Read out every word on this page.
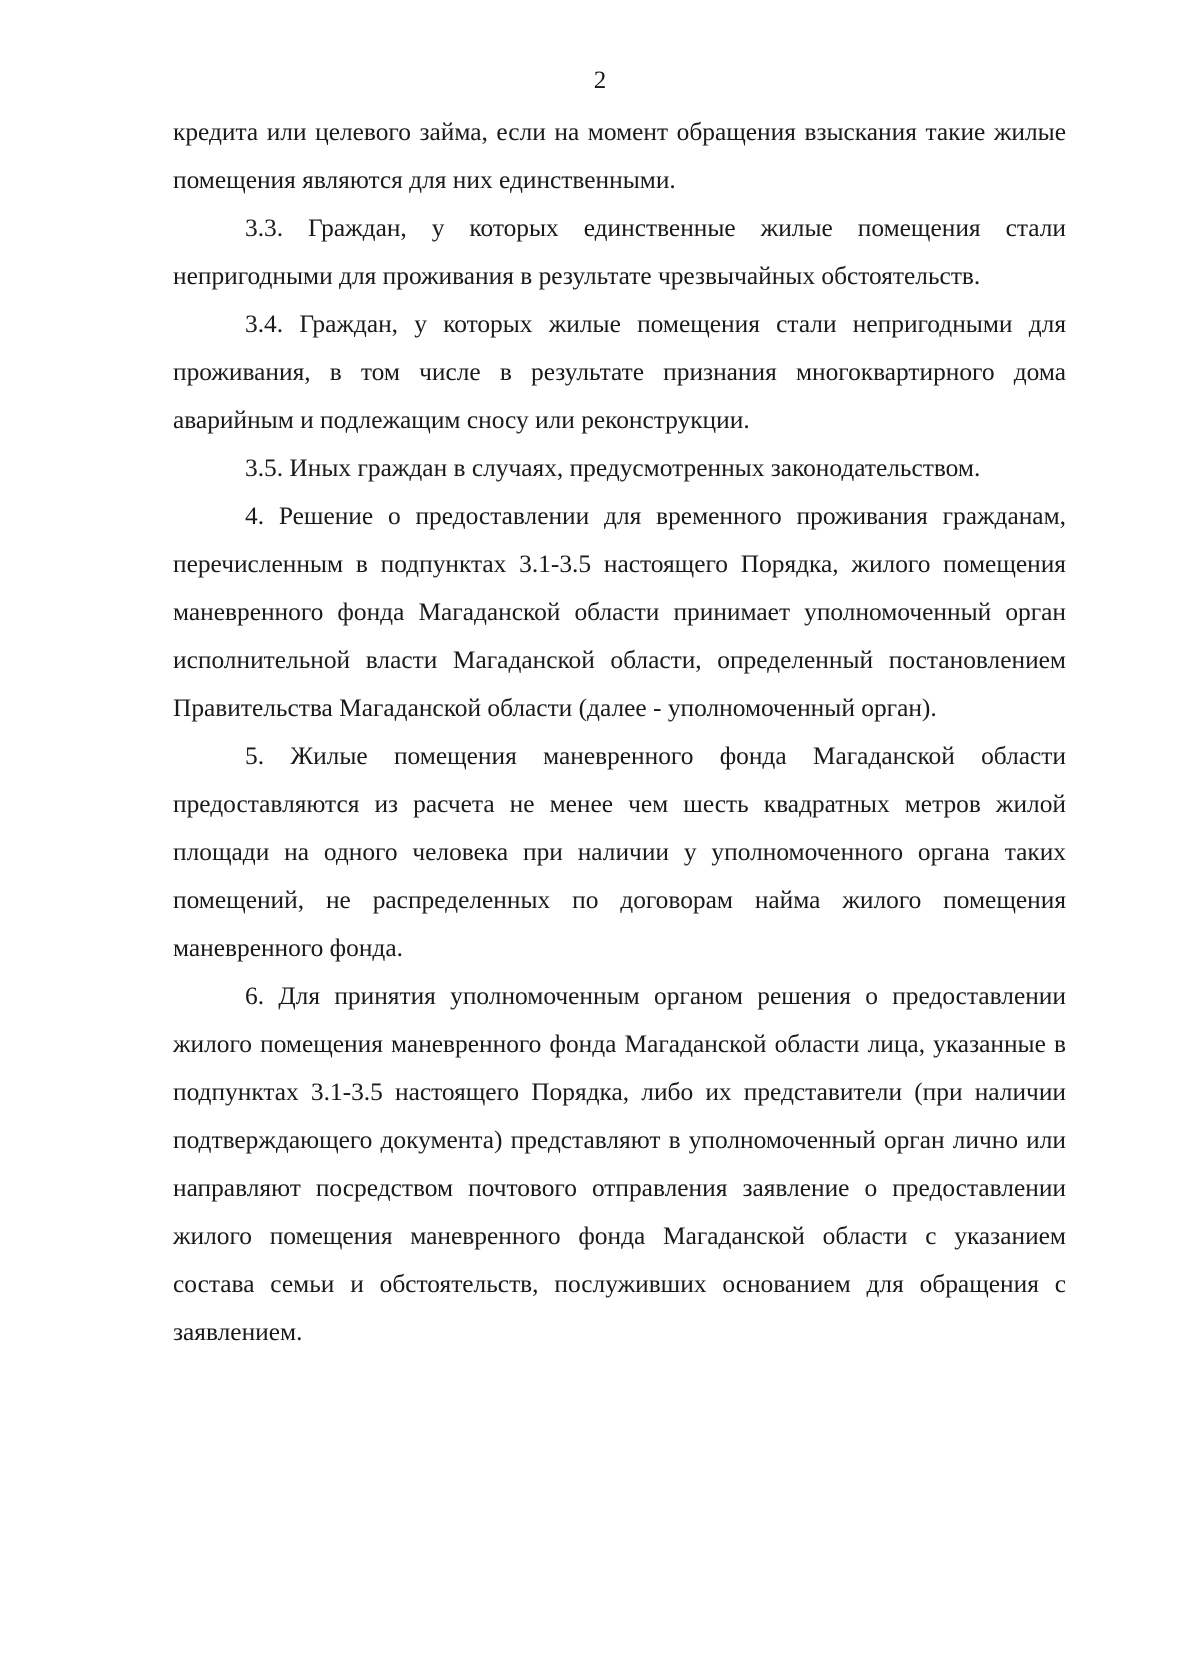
2

кредита или целевого займа, если на момент обращения взыскания такие жилые помещения являются для них единственными.

3.3. Граждан, у которых единственные жилые помещения стали непригодными для проживания в результате чрезвычайных обстоятельств.

3.4. Граждан, у которых жилые помещения стали непригодными для проживания, в том числе в результате признания многоквартирного дома аварийным и подлежащим сносу или реконструкции.

3.5. Иных граждан в случаях, предусмотренных законодательством.

4. Решение о предоставлении для временного проживания гражданам, перечисленным в подпунктах 3.1-3.5 настоящего Порядка, жилого помещения маневренного фонда Магаданской области принимает уполномоченный орган исполнительной власти Магаданской области, определенный постановлением Правительства Магаданской области (далее - уполномоченный орган).

5. Жилые помещения маневренного фонда Магаданской области предоставляются из расчета не менее чем шесть квадратных метров жилой площади на одного человека при наличии у уполномоченного органа таких помещений, не распределенных по договорам найма жилого помещения маневренного фонда.

6. Для принятия уполномоченным органом решения о предоставлении жилого помещения маневренного фонда Магаданской области лица, указанные в подпунктах 3.1-3.5 настоящего Порядка, либо их представители (при наличии подтверждающего документа) представляют в уполномоченный орган лично или направляют посредством почтового отправления заявление о предоставлении жилого помещения маневренного фонда Магаданской области с указанием состава семьи и обстоятельств, послуживших основанием для обращения с заявлением.
